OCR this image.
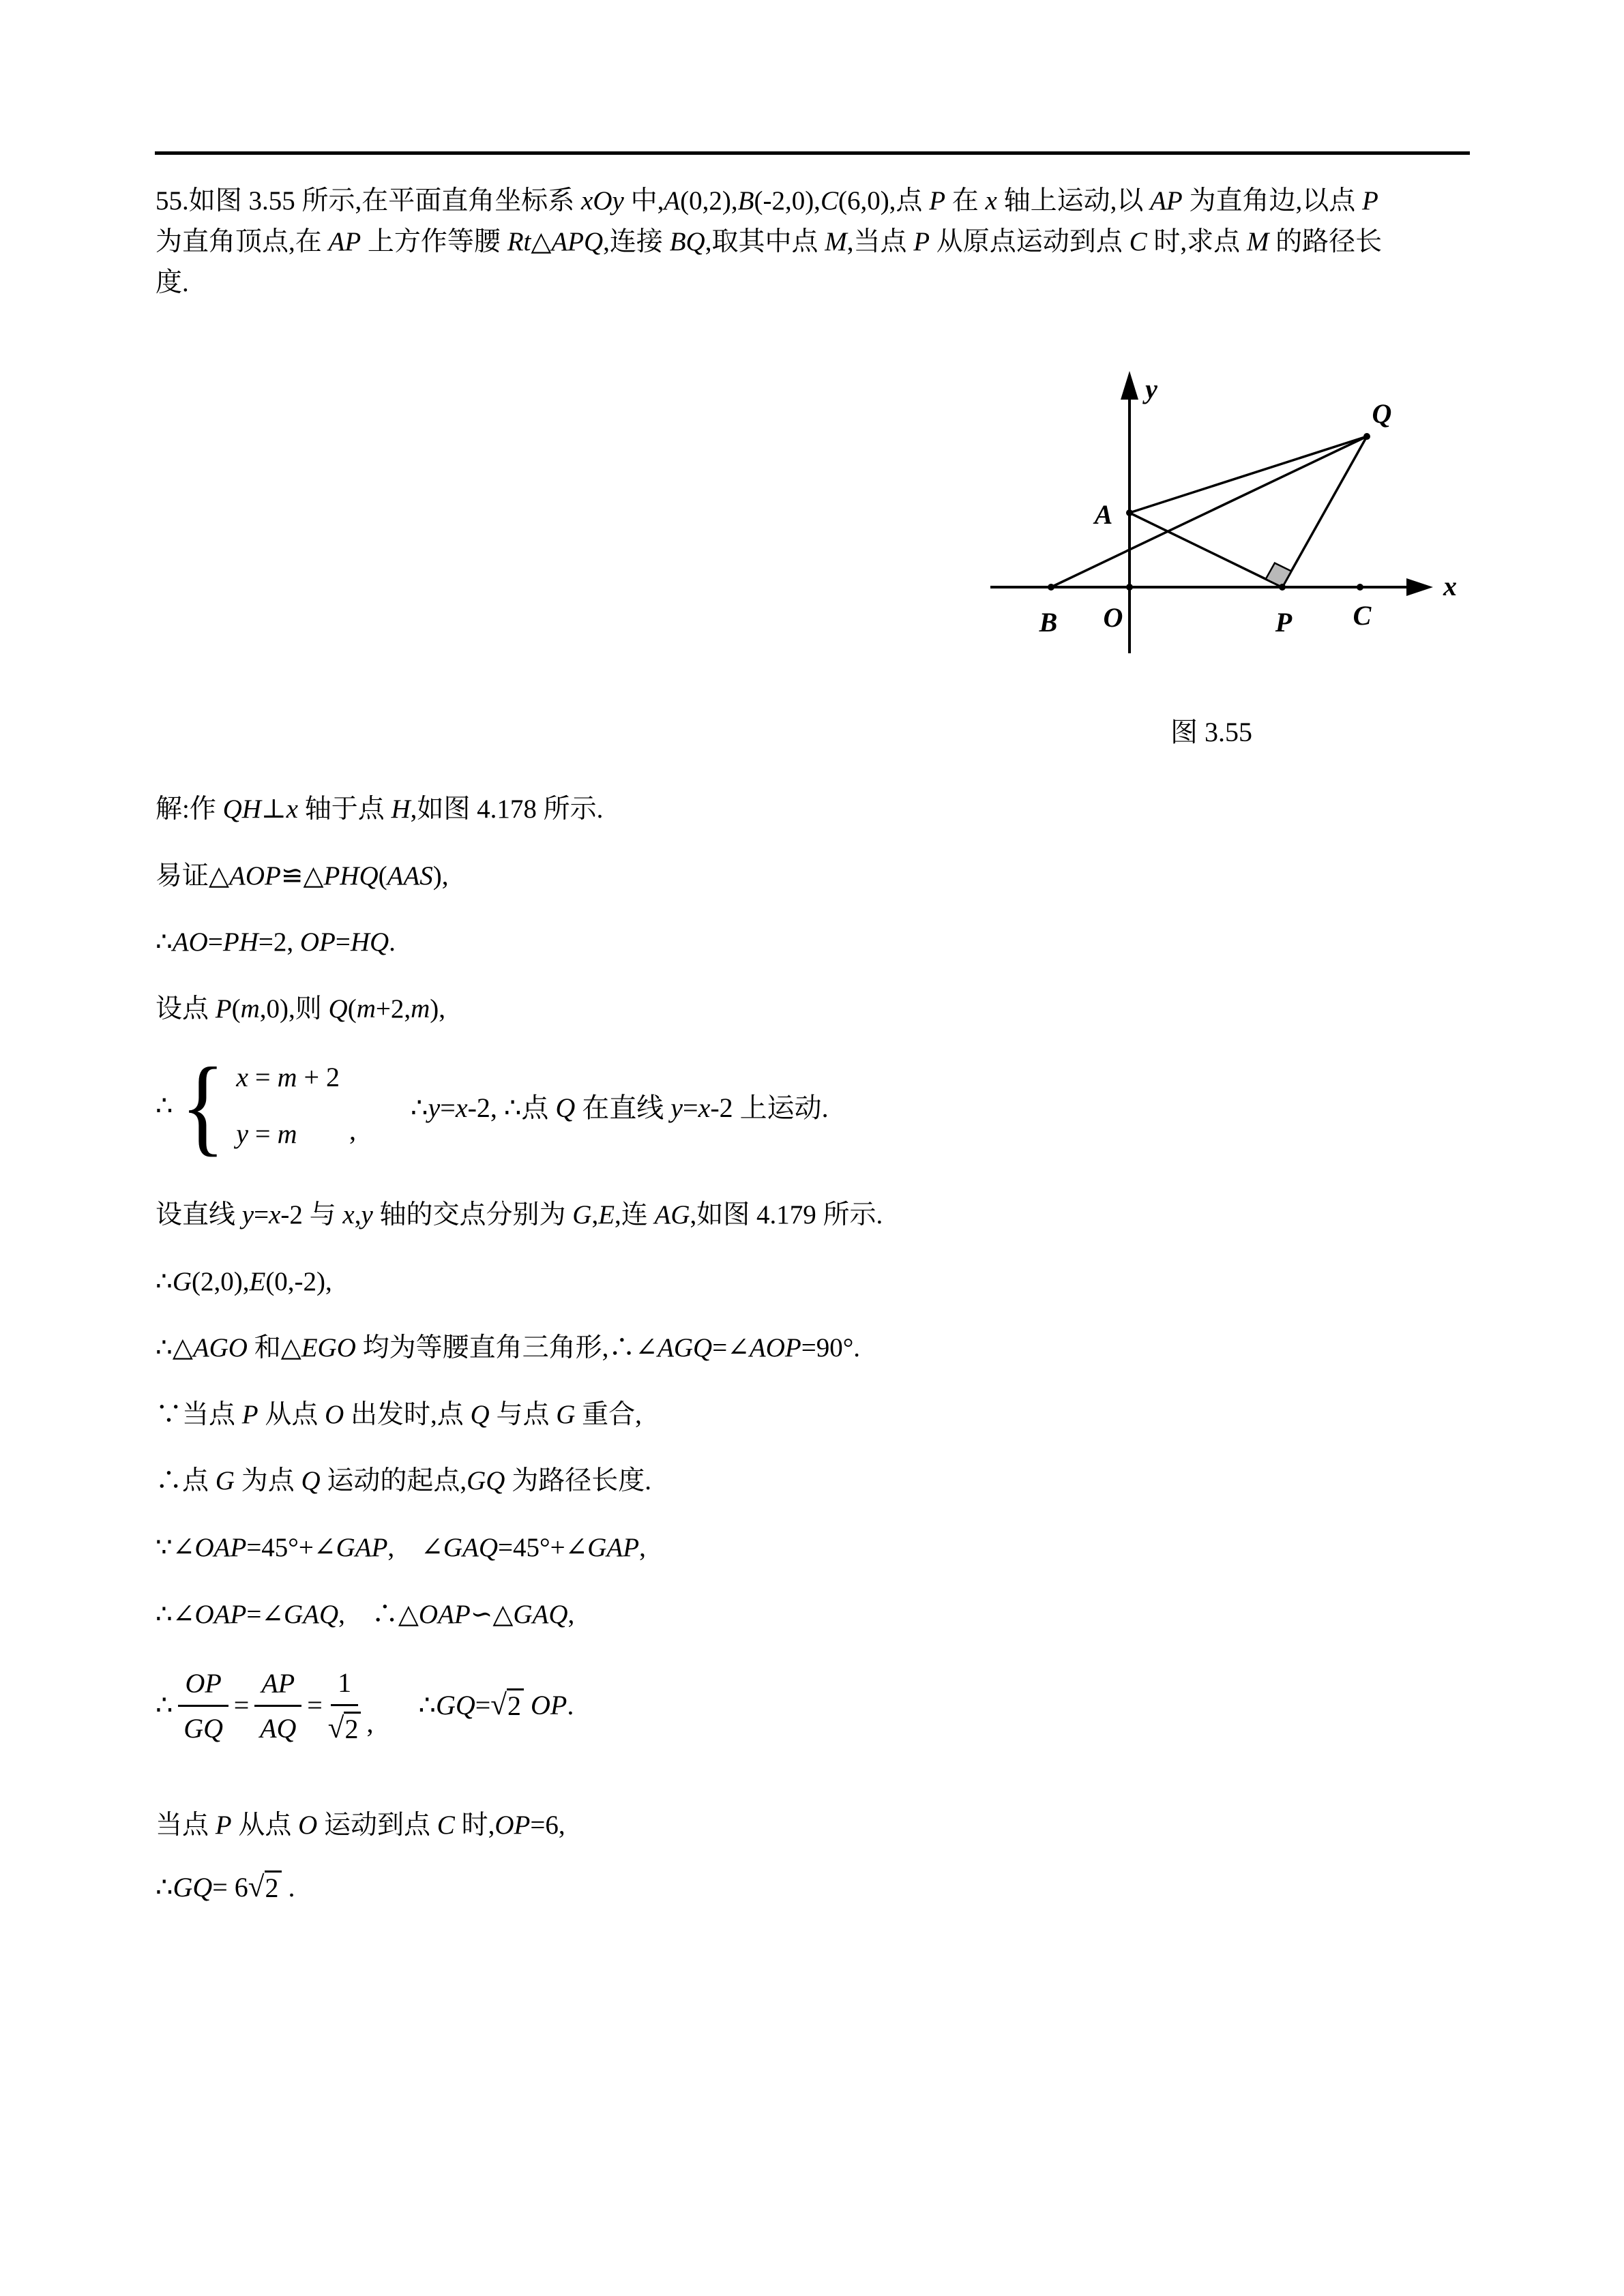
55.如图 3.55 所示,在平面直角坐标系 xOy 中,A(0,2),B(-2,0),C(6,0),点 P 在 x 轴上运动,以 AP 为直角边,以点 P
为直角顶点,在 AP 上方作等腰 Rt△APQ,连接 BQ,取其中点 M,当点 P 从原点运动到点 C 时,求点 M 的路径长
度.
y
x
Q
A
B O	P C
图 3.55
解:作 QH⊥x 轴于点 H,如图 4.178 所示.
易证△AOP≌△PHQ(AAS),
∴AO=PH=2, OP=HQ.
设点 P(m,0),则 Q(m+2,m),
∴ { x = m + 2
y = m	,
∴y=x-2, ∴点 Q 在直线 y=x-2 上运动.
设直线 y=x-2 与 x,y 轴的交点分别为 G,E,连 AG,如图 4.179 所示.
∴G(2,0),E(0,-2),
∴△AGO 和△EGO 均为等腰直角三角形,∴∠AGQ=∠AOP=90°.
∵当点 P 从点 O 出发时,点 Q 与点 G 重合,
∴点 G 为点 Q 运动的起点,GQ 为路径长度.
∵∠OAP=45°+∠GAP,　∠GAQ=45°+∠GAP,
∴∠OAP=∠GAQ,　∴△OAP∽△GAQ,
∴ $\frac{OP}{GQ} = \frac{AP}{AQ} = \frac{1}{√ 2}$ ,
∴GQ= √ 2 OP.
当点 P 从点 O 运动到点 C 时,OP=6,
∴GQ= 6 √ 2 .
